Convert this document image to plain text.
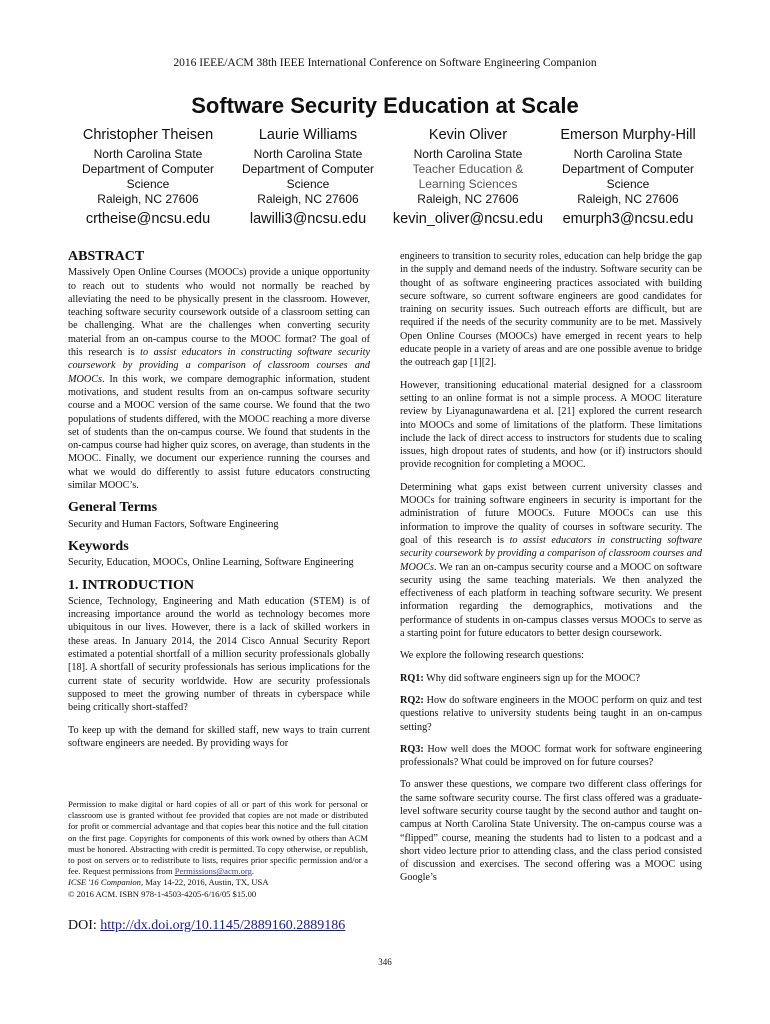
2016 IEEE/ACM 38th IEEE International Conference on Software Engineering Companion
Software Security Education at Scale
Christopher Theisen
North Carolina State
Department of Computer
Science
Raleigh, NC 27606
crtheise@ncsu.edu
Laurie Williams
North Carolina State
Department of Computer
Science
Raleigh, NC 27606
lawilli3@ncsu.edu
Kevin Oliver
North Carolina State
Teacher Education &
Learning Sciences
Raleigh, NC 27606
kevin_oliver@ncsu.edu
Emerson Murphy-Hill
North Carolina State
Department of Computer
Science
Raleigh, NC 27606
emurph3@ncsu.edu
ABSTRACT

Massively Open Online Courses (MOOCs) provide a unique opportunity to reach out to students who would not normally be reached by alleviating the need to be physically present in the classroom. However, teaching software security coursework outside of a classroom setting can be challenging. What are the challenges when converting security material from an on-campus course to the MOOC format? The goal of this research is to assist educators in constructing software security coursework by providing a comparison of classroom courses and MOOCs. In this work, we compare demographic information, student motivations, and student results from an on-campus software security course and a MOOC version of the same course. We found that the two populations of students differed, with the MOOC reaching a more diverse set of students than the on-campus course. We found that students in the on-campus course had higher quiz scores, on average, than students in the MOOC. Finally, we document our experience running the courses and what we would do differently to assist future educators constructing similar MOOC’s.

General Terms

Security and Human Factors, Software Engineering

Keywords

Security, Education, MOOCs, Online Learning, Software Engineering

1. INTRODUCTION

Science, Technology, Engineering and Math education (STEM) is of increasing importance around the world as technology becomes more ubiquitous in our lives. However, there is a lack of skilled workers in these areas. In January 2014, the 2014 Cisco Annual Security Report estimated a potential shortfall of a million security professionals globally [18]. A shortfall of security professionals has serious implications for the current state of security worldwide. How are security professionals supposed to meet the growing number of threats in cyberspace while being critically short-staffed?

To keep up with the demand for skilled staff, new ways to train current software engineers are needed. By providing ways for

Permission to make digital or hard copies of all or part of this work for personal or classroom use is granted without fee provided that copies are not made or distributed for profit or commercial advantage and that copies bear this notice and the full citation on the first page. Copyrights for components of this work owned by others than ACM must be honored. Abstracting with credit is permitted. To copy otherwise, or republish, to post on servers or to redistribute to lists, requires prior specific permission and/or a fee. Request permissions from Permissions@acm.org.

ICSE '16 Companion, May 14-22, 2016, Austin, TX, USA

© 2016 ACM. ISBN 978-1-4503-4205-6/16/05 $15.00

DOI: http://dx.doi.org/10.1145/2889160.2889186

engineers to transition to security roles, education can help bridge the gap in the supply and demand needs of the industry. Software security can be thought of as software engineering practices associated with building secure software, so current software engineers are good candidates for training on security issues. Such outreach efforts are difficult, but are required if the needs of the security community are to be met. Massively Open Online Courses (MOOCs) have emerged in recent years to help educate people in a variety of areas and are one possible avenue to bridge the outreach gap [1][2].

However, transitioning educational material designed for a classroom setting to an online format is not a simple process. A MOOC literature review by Liyanagunawardena et al. [21] explored the current research into MOOCs and some of limitations of the platform. These limitations include the lack of direct access to instructors for students due to scaling issues, high dropout rates of students, and how (or if) instructors should provide recognition for completing a MOOC.

Determining what gaps exist between current university classes and MOOCs for training software engineers in security is important for the administration of future MOOCs. Future MOOCs can use this information to improve the quality of courses in software security. The goal of this research is to assist educators in constructing software security coursework by providing a comparison of classroom courses and MOOCs. We ran an on-campus security course and a MOOC on software security using the same teaching materials. We then analyzed the effectiveness of each platform in teaching software security. We present information regarding the demographics, motivations and the performance of students in on-campus classes versus MOOCs to serve as a starting point for future educators to better design coursework.

We explore the following research questions:

RQ1: Why did software engineers sign up for the MOOC?

RQ2: How do software engineers in the MOOC perform on quiz and test questions relative to university students being taught in an on-campus setting?

RQ3: How well does the MOOC format work for software engineering professionals? What could be improved on for future courses?

To answer these questions, we compare two different class offerings for the same software security course. The first class offered was a graduate-level software security course taught by the second author and taught on-campus at North Carolina State University. The on-campus course was a “flipped” course, meaning the students had to listen to a podcast and a short video lecture prior to attending class, and the class period consisted of discussion and exercises. The second offering was a MOOC using Google’s

346
